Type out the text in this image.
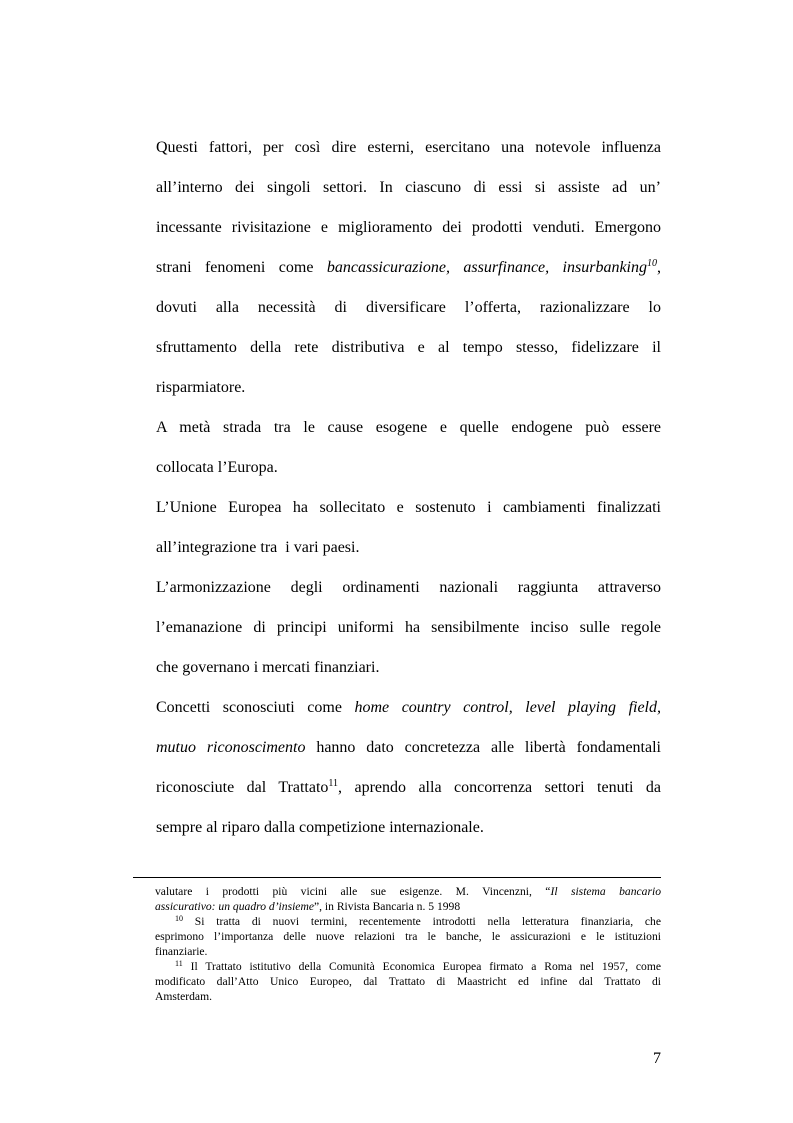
Questi fattori, per così dire esterni, esercitano una notevole influenza
all’interno dei singoli settori. In ciascuno di essi si assiste ad un’
incessante rivisitazione e miglioramento dei prodotti venduti. Emergono
strani fenomeni come bancassicurazione, assurfinance, insurbanking$^{10}$,
dovuti alla necessità di diversificare l’offerta, razionalizzare lo
sfruttamento della rete distributiva e al tempo stesso, fidelizzare il
risparmiatore.
A metà strada tra le cause esogene e quelle endogene può essere
collocata l’Europa.
L’Unione Europea ha sollecitato e sostenuto i cambiamenti finalizzati
all’integrazione tra  i vari paesi.
L’armonizzazione degli ordinamenti nazionali raggiunta attraverso
l’emanazione di principi uniformi ha sensibilmente inciso sulle regole
che governano i mercati finanziari.
Concetti sconosciuti come home country control, level playing field,
mutuo riconoscimento hanno dato concretezza alle libertà fondamentali
riconosciute dal Trattato$^{11}$, aprendo alla concorrenza settori tenuti da
sempre al riparo dalla competizione internazionale.
valutare i prodotti più vicini alle sue esigenze. M. Vincenzni, “Il sistema bancario
assicurativo: un quadro d’insieme”, in Rivista Bancaria n. 5 1998
$^{10}$ Si tratta di nuovi termini, recentemente introdotti nella letteratura finanziaria, che
esprimono l’importanza delle nuove relazioni tra le banche, le assicurazioni e le istituzioni
finanziarie.
$^{11}$ Il Trattato istitutivo della Comunità Economica Europea firmato a Roma nel 1957, come
modificato dall’Atto Unico Europeo, dal Trattato di Maastricht ed infine dal Trattato di
Amsterdam.
7
